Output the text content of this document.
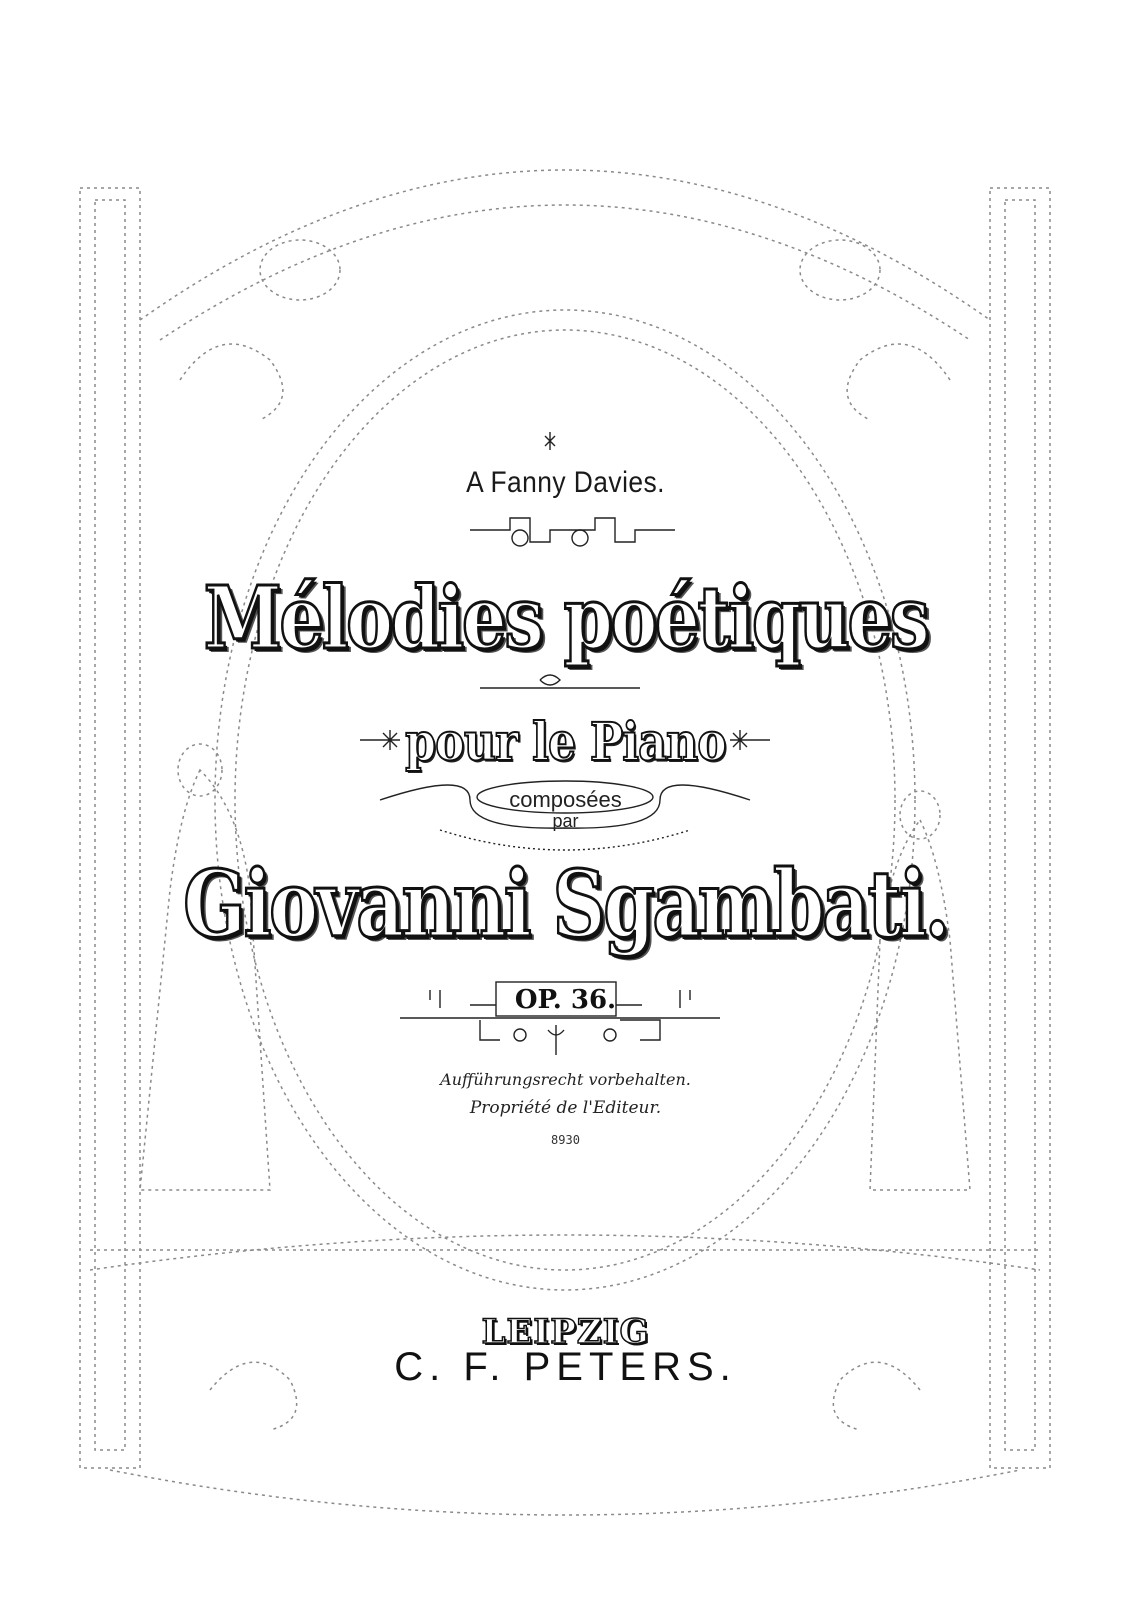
A Fanny Davies.
Mélodies poétiques
pour le Piano
composées
par
Giovanni Sgambati.
OP. 36.
Aufführungsrecht vorbehalten.
Propriété de l'Editeur.
8930
LEIPZIG
C. F. PETERS.
